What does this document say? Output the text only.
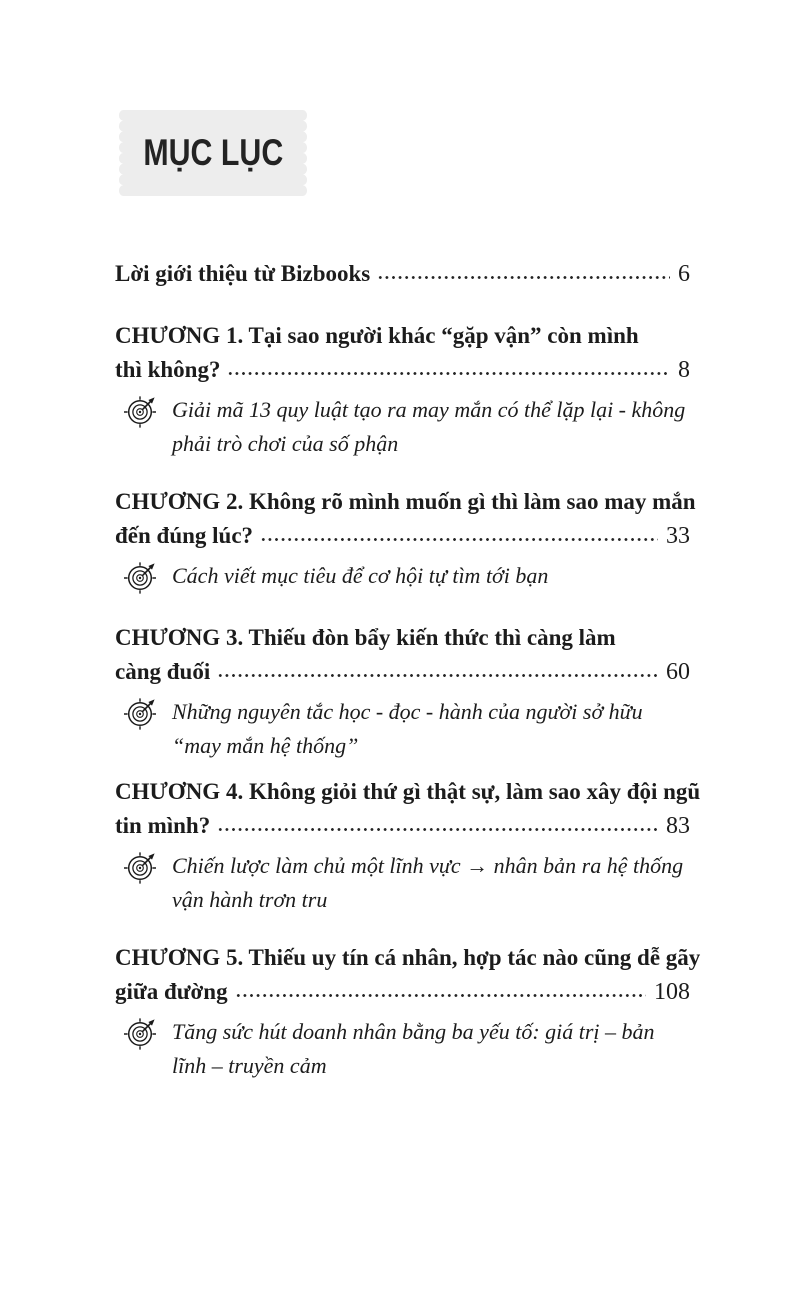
MỤC LỤC
Lời giới thiệu từ Bizbooks	6
CHƯƠNG 1. Tại sao người khác “gặp vận” còn mình
thì không?	8
Giải mã 13 quy luật tạo ra may mắn có thể lặp lại - không
phải trò chơi của số phận
CHƯƠNG 2. Không rõ mình muốn gì thì làm sao may mắn
đến đúng lúc?	33
Cách viết mục tiêu để cơ hội tự tìm tới bạn
CHƯƠNG 3. Thiếu đòn bẩy kiến thức thì càng làm
càng đuối	60
Những nguyên tắc học - đọc - hành của người sở hữu
“may mắn hệ thống”
CHƯƠNG 4. Không giỏi thứ gì thật sự, làm sao xây đội ngũ
tin mình?	83
Chiến lược làm chủ một lĩnh vực → nhân bản ra hệ thống
vận hành trơn tru
CHƯƠNG 5. Thiếu uy tín cá nhân, hợp tác nào cũng dễ gãy
giữa đường	108
Tăng sức hút doanh nhân bằng ba yếu tố: giá trị – bản
lĩnh – truyền cảm
